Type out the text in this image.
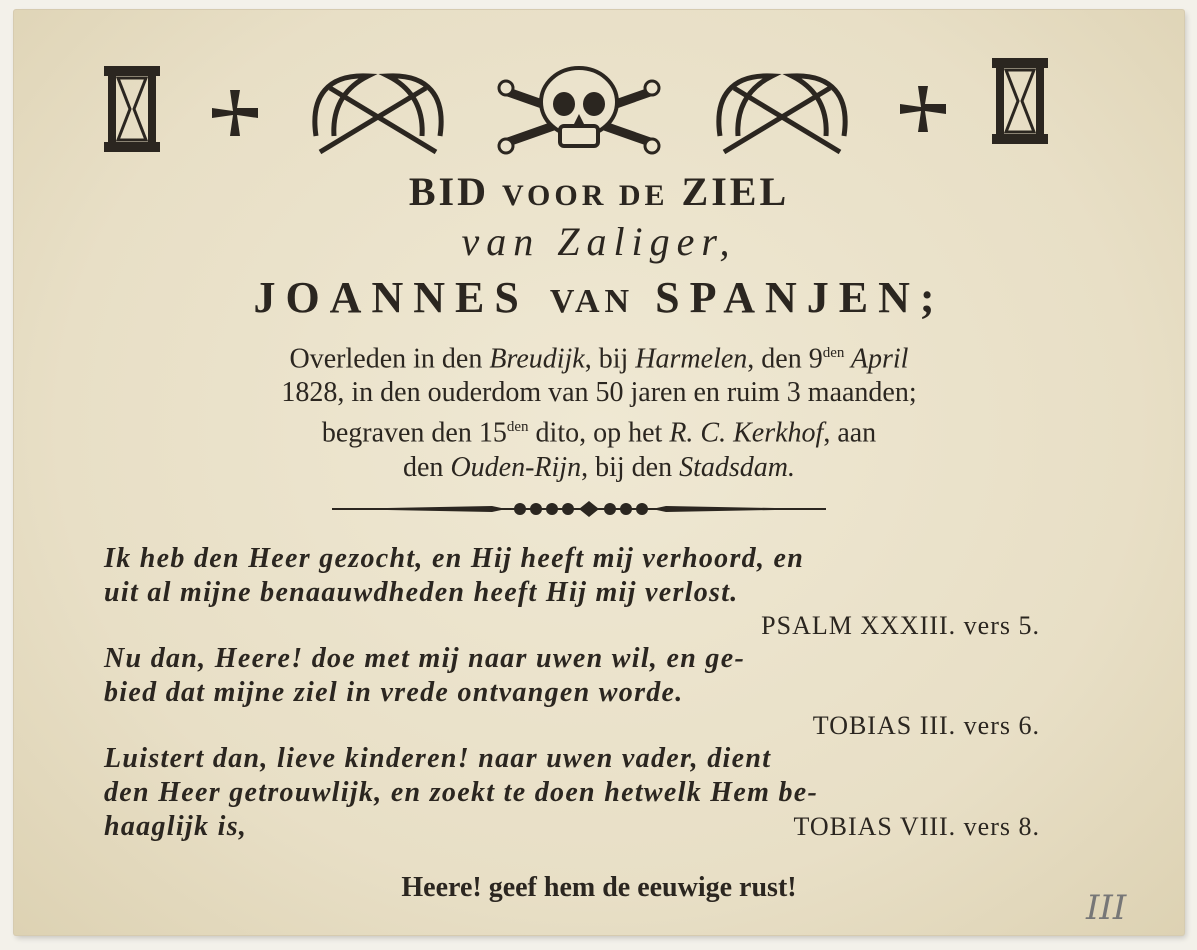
BID VOOR DE ZIEL
van Zaliger,
JOANNES VAN SPANJEN;
Overleden in den Breudijk, bij Harmelen, den $9^{den}$ April
1828, in den ouderdom van 50 jaren en ruim 3 maanden;
begraven den $15^{den}$ dito, op het R. C. Kerkhof, aan
den Ouden-Rijn, bij den Stadsdam.
Ik heb den Heer gezocht, en Hij heeft mij verhoord, en
uit al mijne benaauwdheden heeft Hij mij verlost.
PSALM XXXIII. vers 5.
Nu dan, Heere! doe met mij naar uwen wil, en ge-
bied dat mijne ziel in vrede ontvangen worde.
TOBIAS III. vers 6.
Luistert dan, lieve kinderen! naar uwen vader, dient
den Heer getrouwlijk, en zoekt te doen hetwelk Hem be-
haaglijk is,	TOBIAS VIII. vers 8.
Heere! geef hem de eeuwige rust!
III
